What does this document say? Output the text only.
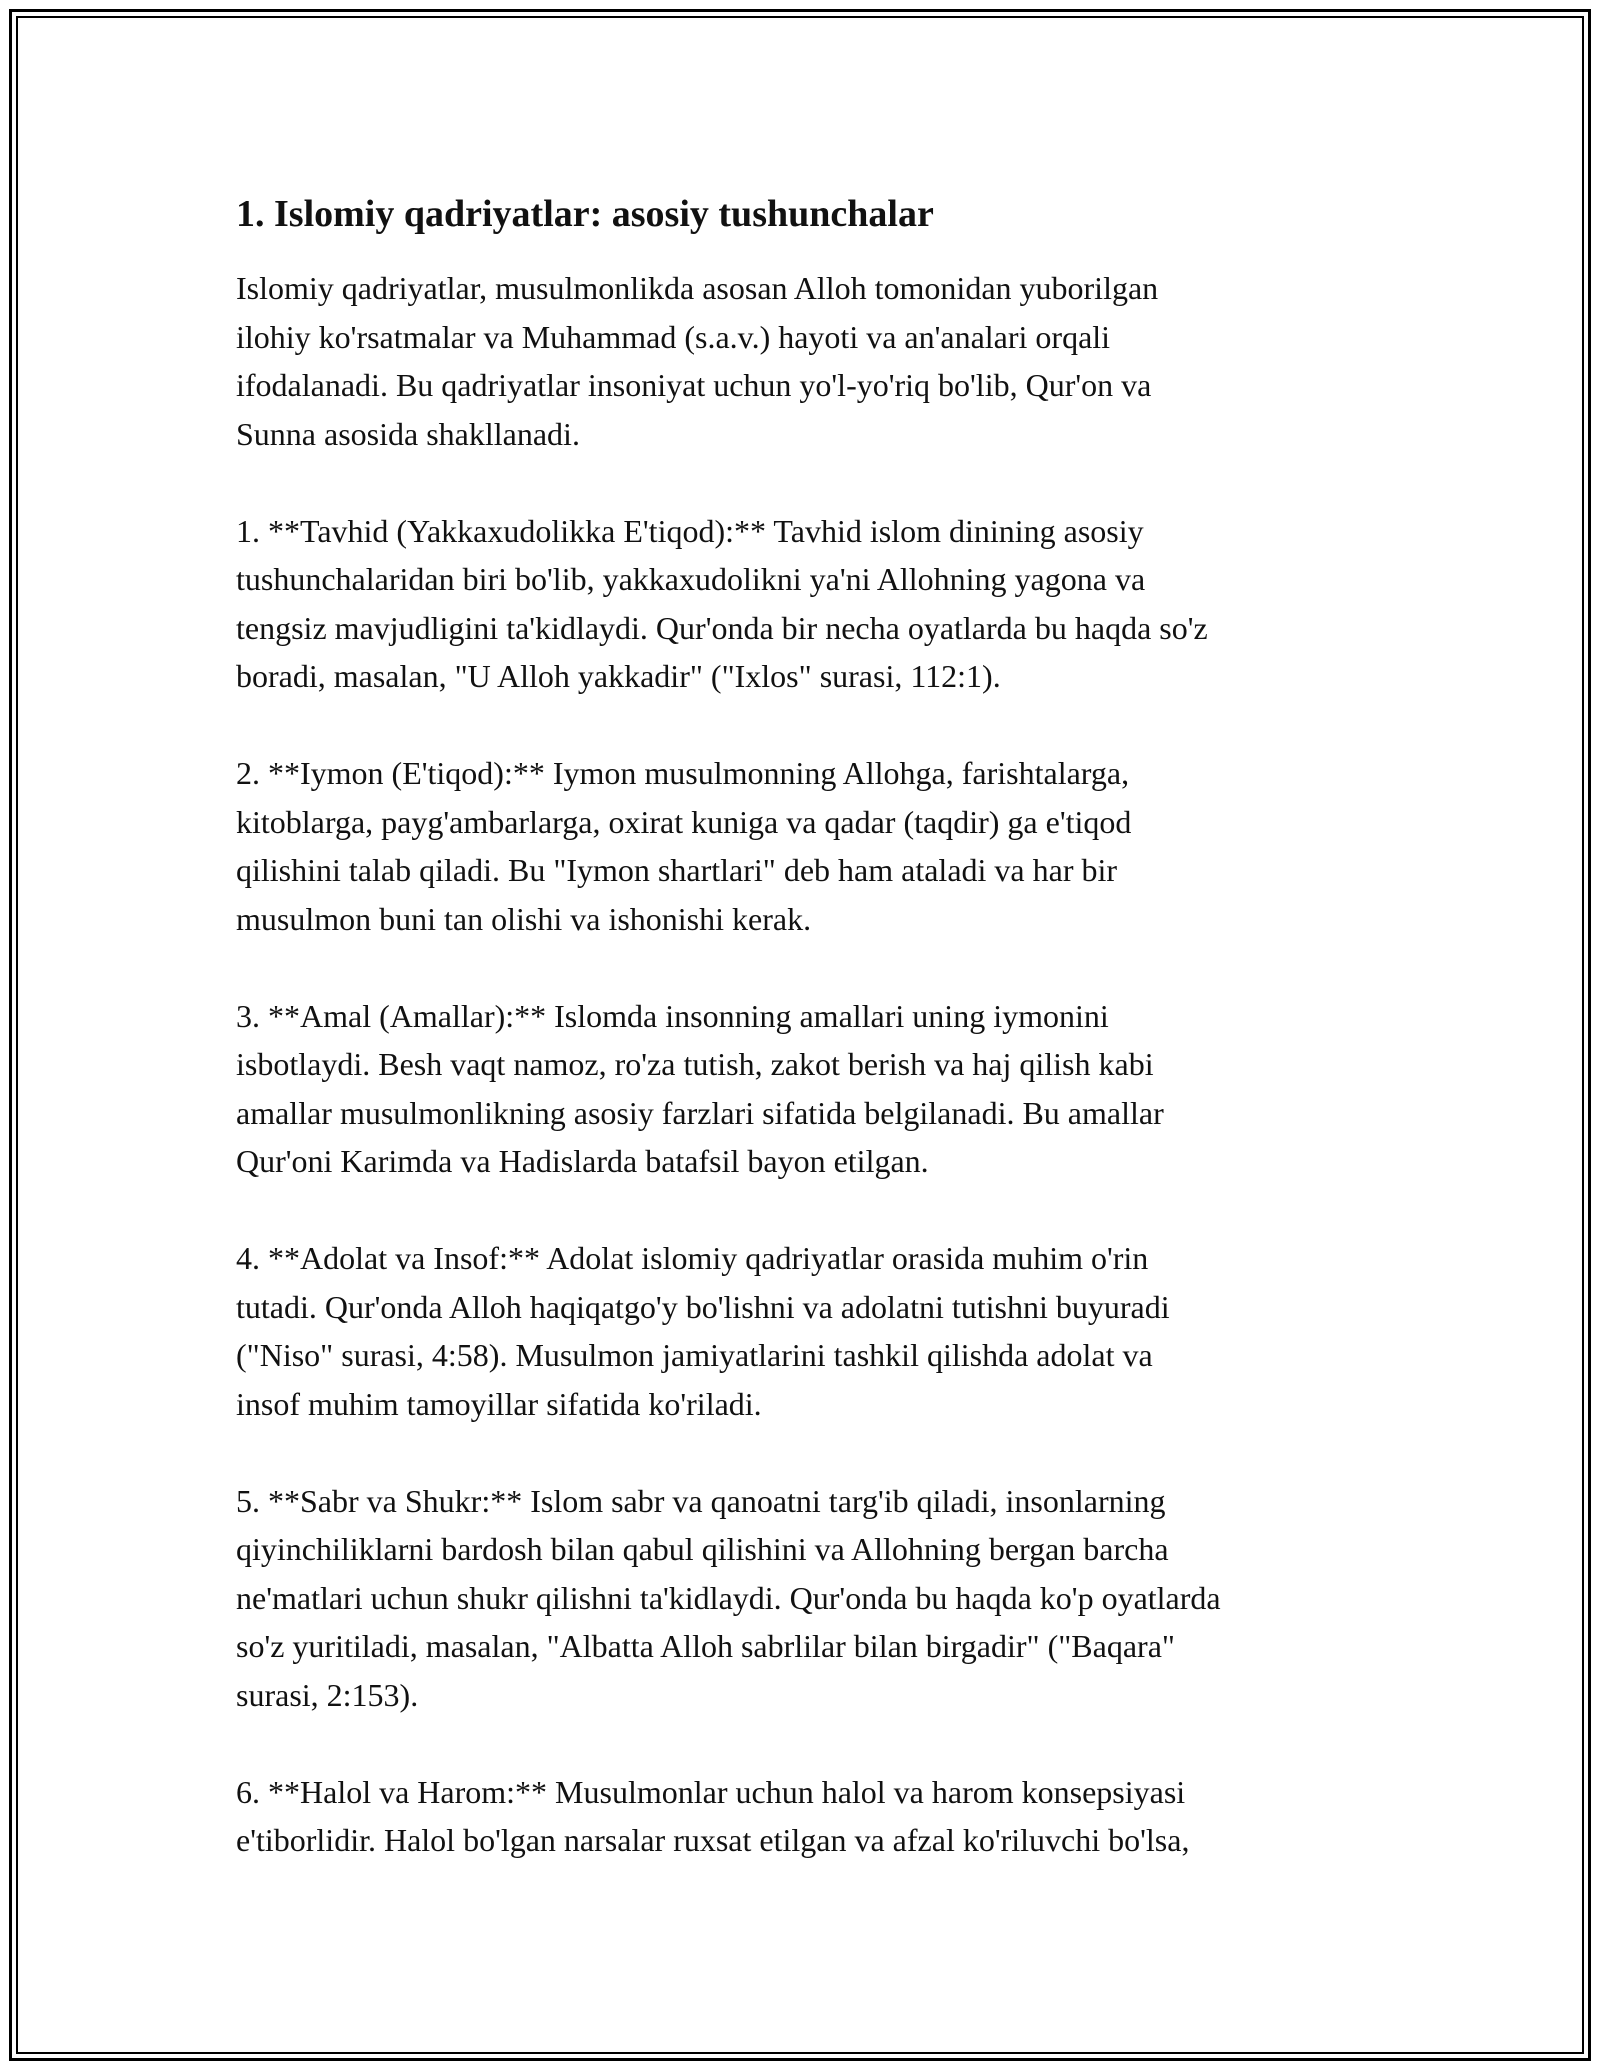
1. Islomiy qadriyatlar: asosiy tushunchalar

Islomiy qadriyatlar, musulmonlikda asosan Alloh tomonidan yuborilgan
ilohiy ko'rsatmalar va Muhammad (s.a.v.) hayoti va an'analari orqali
ifodalanadi. Bu qadriyatlar insoniyat uchun yo'l-yo'riq bo'lib, Qur'on va
Sunna asosida shakllanadi.

1. **Tavhid (Yakkaxudolikka E'tiqod):** Tavhid islom dinining asosiy
tushunchalaridan biri bo'lib, yakkaxudolikni ya'ni Allohning yagona va
tengsiz mavjudligini ta'kidlaydi. Qur'onda bir necha oyatlarda bu haqda so'z
boradi, masalan, "U Alloh yakkadir" ("Ixlos" surasi, 112:1).

2. **Iymon (E'tiqod):** Iymon musulmonning Allohga, farishtalarga,
kitoblarga, payg'ambarlarga, oxirat kuniga va qadar (taqdir) ga e'tiqod
qilishini talab qiladi. Bu "Iymon shartlari" deb ham ataladi va har bir
musulmon buni tan olishi va ishonishi kerak.

3. **Amal (Amallar):** Islomda insonning amallari uning iymonini
isbotlaydi. Besh vaqt namoz, ro'za tutish, zakot berish va haj qilish kabi
amallar musulmonlikning asosiy farzlari sifatida belgilanadi. Bu amallar
Qur'oni Karimda va Hadislarda batafsil bayon etilgan.

4. **Adolat va Insof:** Adolat islomiy qadriyatlar orasida muhim o'rin
tutadi. Qur'onda Alloh haqiqatgo'y bo'lishni va adolatni tutishni buyuradi
("Niso" surasi, 4:58). Musulmon jamiyatlarini tashkil qilishda adolat va
insof muhim tamoyillar sifatida ko'riladi.

5. **Sabr va Shukr:** Islom sabr va qanoatni targ'ib qiladi, insonlarning
qiyinchiliklarni bardosh bilan qabul qilishini va Allohning bergan barcha
ne'matlari uchun shukr qilishni ta'kidlaydi. Qur'onda bu haqda ko'p oyatlarda
so'z yuritiladi, masalan, "Albatta Alloh sabrlilar bilan birgadir" ("Baqara"
surasi, 2:153).

6. **Halol va Harom:** Musulmonlar uchun halol va harom konsepsiyasi
e'tiborlidir. Halol bo'lgan narsalar ruxsat etilgan va afzal ko'riluvchi bo'lsa,
